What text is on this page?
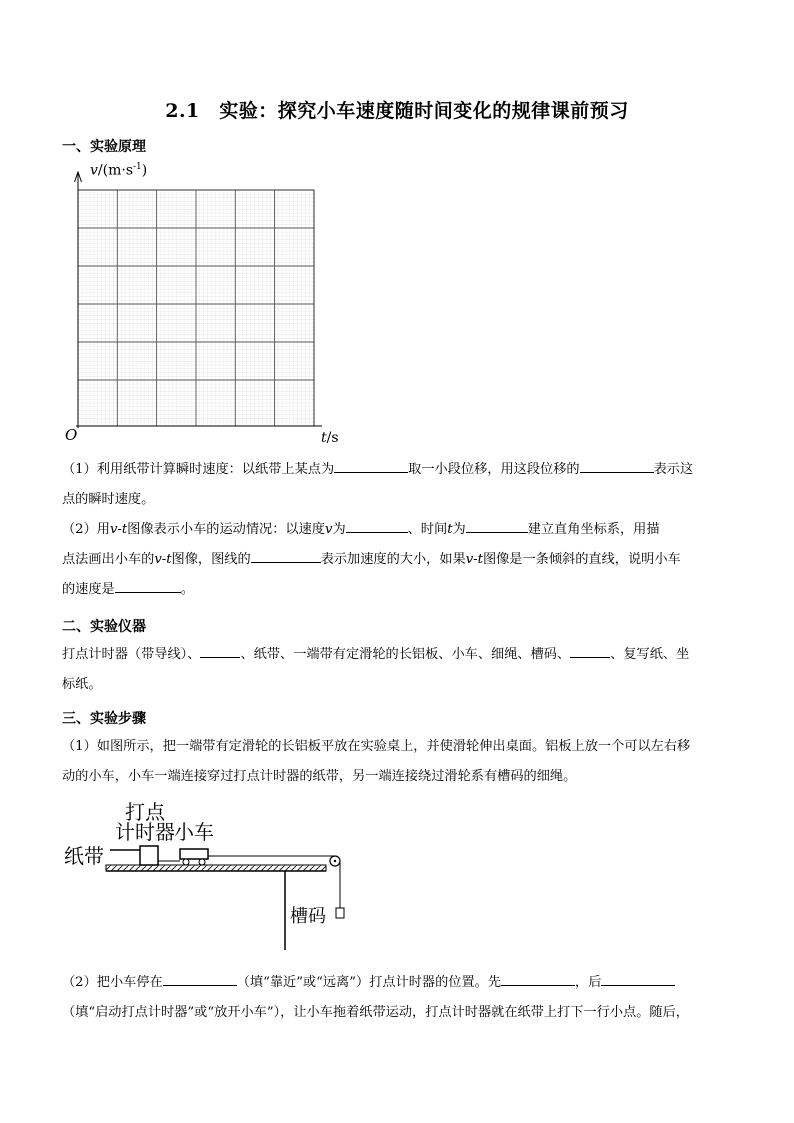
2.1　实验：探究小车速度随时间变化的规律课前预习
一、实验原理
$v/(m\cdot s^{-1})$
O	t/s
（1）利用纸带计算瞬时速度：以纸带上某点为	取一小段位移，用这段位移的	表示这
点的瞬时速度。
（2）用v-t图像表示小车的运动情况：以速度v为	、时间t为	建立直角坐标系，用描
点法画出小车的v-t图像，图线的	表示加速度的大小，如果v-t图像是一条倾斜的直线，说明小车
的速度是	。
二、实验仪器
打点计时器（带导线）、	、纸带、一端带有定滑轮的长铝板、小车、细绳、槽码、	、复写纸、坐
标纸。
三、实验步骤
（1）如图所示，把一端带有定滑轮的长铝板平放在实验桌上，并使滑轮伸出桌面。铝板上放一个可以左右移
动的小车，小车一端连接穿过打点计时器的纸带，另一端连接绕过滑轮系有槽码的细绳。
打点
计时器 小车
纸带
槽码
（2）把小车停在	（填“靠近”或“远离”）打点计时器的位置。先	，后
（填“启动打点计时器”或“放开小车”），让小车拖着纸带运动，打点计时器就在纸带上打下一行小点。随后，
